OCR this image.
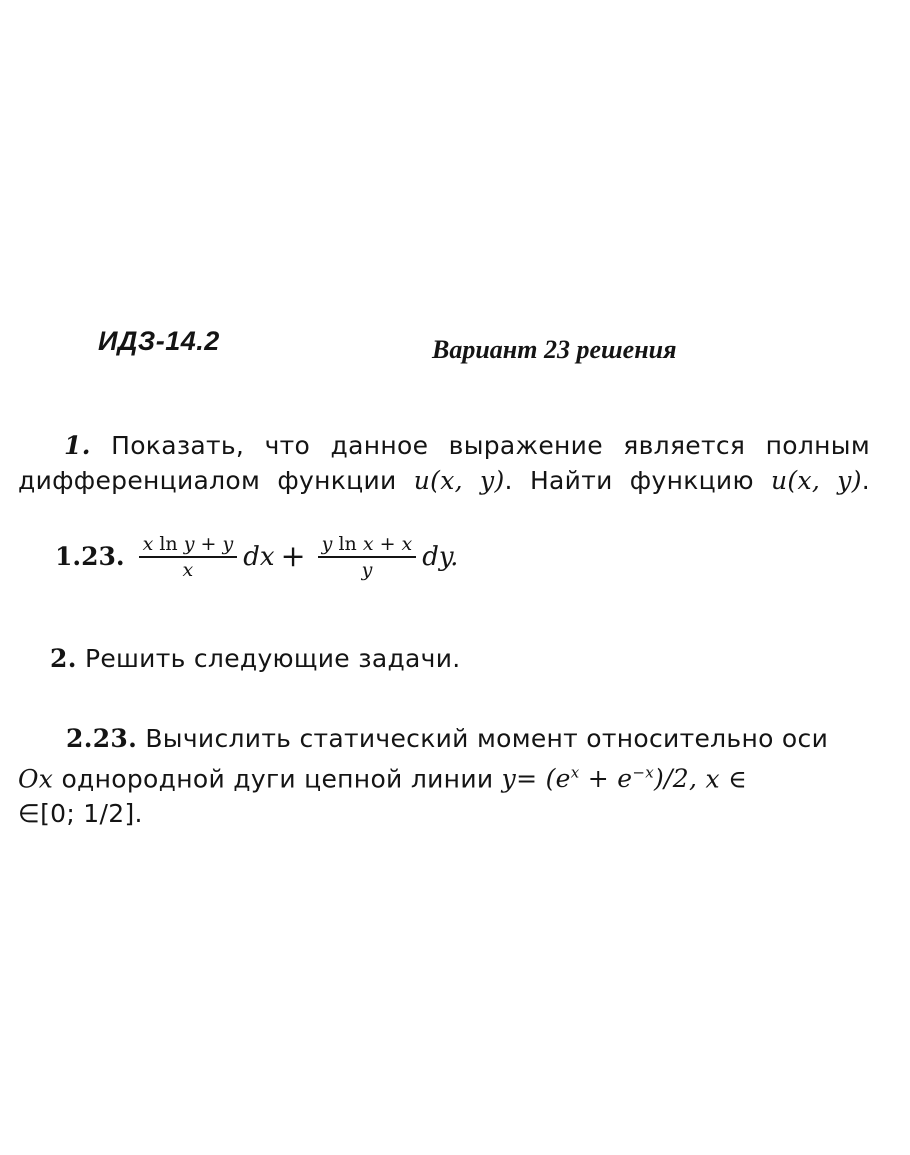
ИДЗ-14.2	Вариант 23 решения
1. Показать, что данное выражение является полным
дифференциалом функции u(x, y). Найти функцию u(x, y).
1.23. $\frac{\text{x ln y + y}}{x}$ dx + $\frac{\text{y ln x + x}}{y}$ dy.
2. Решить следующие задачи.
2.23. Вычислить статический момент относительно оси
Ox однородной дуги цепной линии $y= (e^x + e^{-x})/2$, x ∈
∈[0; 1/2].
